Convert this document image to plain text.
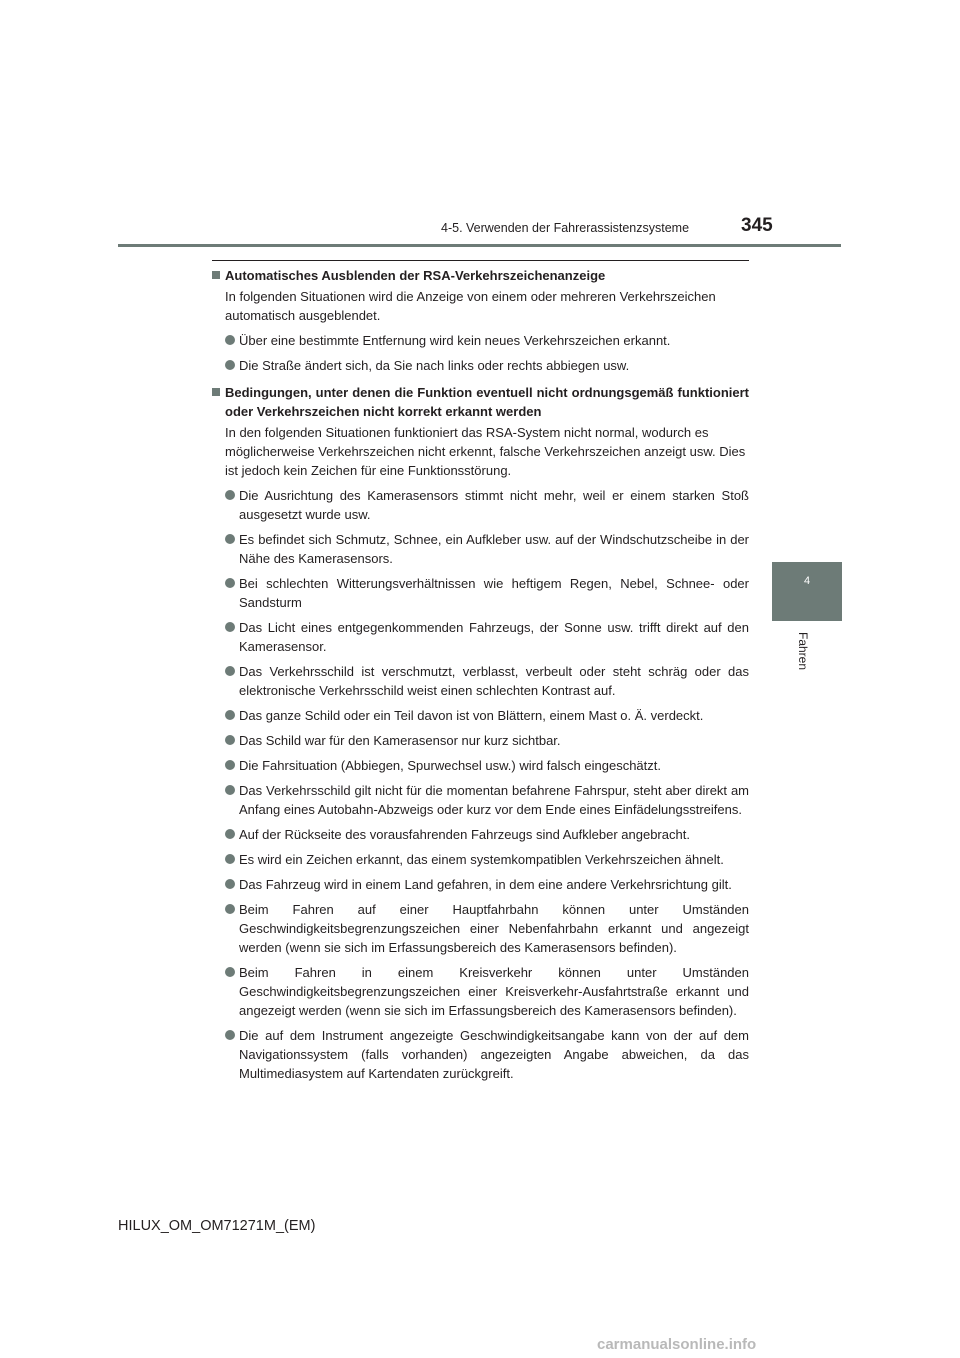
4-5. Verwenden der Fahrerassistenzsysteme	345
4
Fahren
Automatisches Ausblenden der RSA-Verkehrszeichenanzeige
In folgenden Situationen wird die Anzeige von einem oder mehreren Verkehrszeichen automatisch ausgeblendet.
Über eine bestimmte Entfernung wird kein neues Verkehrszeichen erkannt.
Die Straße ändert sich, da Sie nach links oder rechts abbiegen usw.
Bedingungen, unter denen die Funktion eventuell nicht ordnungsgemäß funktioniert oder Verkehrszeichen nicht korrekt erkannt werden
In den folgenden Situationen funktioniert das RSA-System nicht normal, wodurch es möglicherweise Verkehrszeichen nicht erkennt, falsche Verkehrszeichen anzeigt usw. Dies ist jedoch kein Zeichen für eine Funktionsstörung.
Die Ausrichtung des Kamerasensors stimmt nicht mehr, weil er einem starken Stoß ausgesetzt wurde usw.
Es befindet sich Schmutz, Schnee, ein Aufkleber usw. auf der Windschutzscheibe in der Nähe des Kamerasensors.
Bei schlechten Witterungsverhältnissen wie heftigem Regen, Nebel, Schnee- oder Sandsturm
Das Licht eines entgegenkommenden Fahrzeugs, der Sonne usw. trifft direkt auf den Kamerasensor.
Das Verkehrsschild ist verschmutzt, verblasst, verbeult oder steht schräg oder das elektronische Verkehrsschild weist einen schlechten Kontrast auf.
Das ganze Schild oder ein Teil davon ist von Blättern, einem Mast o. Ä. verdeckt.
Das Schild war für den Kamerasensor nur kurz sichtbar.
Die Fahrsituation (Abbiegen, Spurwechsel usw.) wird falsch eingeschätzt.
Das Verkehrsschild gilt nicht für die momentan befahrene Fahrspur, steht aber direkt am Anfang eines Autobahn-Abzweigs oder kurz vor dem Ende eines Einfädelungsstreifens.
Auf der Rückseite des vorausfahrenden Fahrzeugs sind Aufkleber angebracht.
Es wird ein Zeichen erkannt, das einem systemkompatiblen Verkehrszeichen ähnelt.
Das Fahrzeug wird in einem Land gefahren, in dem eine andere Verkehrsrichtung gilt.
Beim Fahren auf einer Hauptfahrbahn können unter Umständen Geschwindigkeitsbegrenzungszeichen einer Nebenfahrbahn erkannt und angezeigt werden (wenn sie sich im Erfassungsbereich des Kamerasensors befinden).
Beim Fahren in einem Kreisverkehr können unter Umständen Geschwindigkeitsbegrenzungszeichen einer Kreisverkehr-Ausfahrtstraße erkannt und angezeigt werden (wenn sie sich im Erfassungsbereich des Kamerasensors befinden).
Die auf dem Instrument angezeigte Geschwindigkeitsangabe kann von der auf dem Navigationssystem (falls vorhanden) angezeigten Angabe abweichen, da das Multimediasystem auf Kartendaten zurückgreift.
HILUX_OM_OM71271M_(EM)
carmanualsonline.info
